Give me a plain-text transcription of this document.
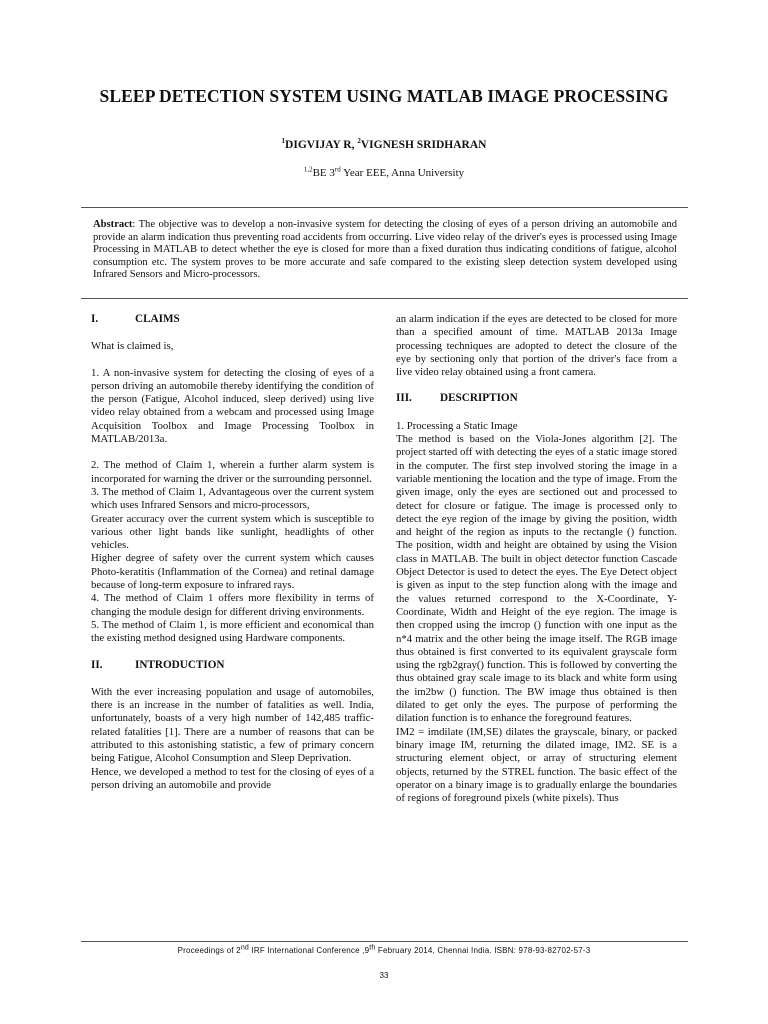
SLEEP DETECTION SYSTEM USING MATLAB IMAGE PROCESSING
$^1$DIGVIJAY R, $^2$VIGNESH SRIDHARAN
$^{1,2}$BE 3rd Year EEE, Anna University
Abstract: The objective was to develop a non-invasive system for detecting the closing of eyes of a person driving an automobile and provide an alarm indication thus preventing road accidents from occurring. Live video relay of the driver's eyes is processed using Image Processing in MATLAB to detect whether the eye is closed for more than a fixed duration thus indicating conditions of fatigue, alcohol consumption etc. The system proves to be more accurate and safe compared to the existing sleep detection system developed using Infrared Sensors and Micro-processors.

I.	CLAIMS

What is claimed is,

1. A non-invasive system for detecting the closing of eyes of a person driving an automobile thereby identifying the condition of the person (Fatigue, Alcohol induced, sleep derived) using live video relay obtained from a webcam and processed using Image Acquisition Toolbox and Image Processing Toolbox in MATLAB/2013a.

2. The method of Claim 1, wherein a further alarm system is incorporated for warning the driver or the surrounding personnel.

3. The method of Claim 1, Advantageous over the current system which uses Infrared Sensors and micro-processors,

Greater accuracy over the current system which is susceptible to various other light bands like sunlight, headlights of other vehicles.

Higher degree of safety over the current system which causes Photo-keratitis (Inflammation of the Cornea) and retinal damage because of long-term exposure to infrared rays.

4. The method of Claim 1 offers more flexibility in terms of changing the module design for different driving environments.

5. The method of Claim 1, is more efficient and economical than the existing method designed using Hardware components.

II.	INTRODUCTION

With the ever increasing population and usage of automobiles, there is an increase in the number of fatalities as well. India, unfortunately, boasts of a very high number of 142,485 traffic-related fatalities [1]. There are a number of reasons that can be attributed to this astonishing statistic, a few of primary concern being Fatigue, Alcohol Consumption and Sleep Deprivation.

Hence, we developed a method to test for the closing of eyes of a person driving an automobile and provide

an alarm indication if the eyes are detected to be closed for more than a specified amount of time. MATLAB 2013a Image processing techniques are adopted to detect the closure of the eye by sectioning only that portion of the driver's face from a live video relay obtained using a front camera.

III.	DESCRIPTION

1. Processing a Static Image

The method is based on the Viola-Jones algorithm [2]. The project started off with detecting the eyes of a static image stored in the computer. The first step involved storing the image in a variable mentioning the location and the type of image. From the given image, only the eyes are sectioned out and processed to detect for closure or fatigue. The image is processed only to detect the eye region of the image by giving the position, width and height of the region as inputs to the rectangle () function. The position, width and height are obtained by using the Vision class in MATLAB. The built in object detector function Cascade Object Detector is used to detect the eyes. The Eye Detect object is given as input to the step function along with the image and the values returned correspond to the X-Coordinate, Y-Coordinate, Width and Height of the eye region. The image is then cropped using the imcrop () function with one input as the n*4 matrix and the other being the image itself. The RGB image thus obtained is first converted to its equivalent grayscale form using the rgb2gray() function. This is followed by converting the thus obtained gray scale image to its black and white form using the im2bw () function. The BW image thus obtained is then dilated to get only the eyes. The purpose of performing the dilation function is to enhance the foreground features.

IM2 = imdilate (IM,SE) dilates the grayscale, binary, or packed binary image IM, returning the dilated image, IM2. SE is a structuring element object, or array of structuring element objects, returned by the STREL function. The basic effect of the operator on a binary image is to gradually enlarge the boundaries of regions of foreground pixels (white pixels). Thus

Proceedings of 2nd IRF International Conference ,9th February 2014, Chennai India. ISBN: 978-93-82702-57-3
33
